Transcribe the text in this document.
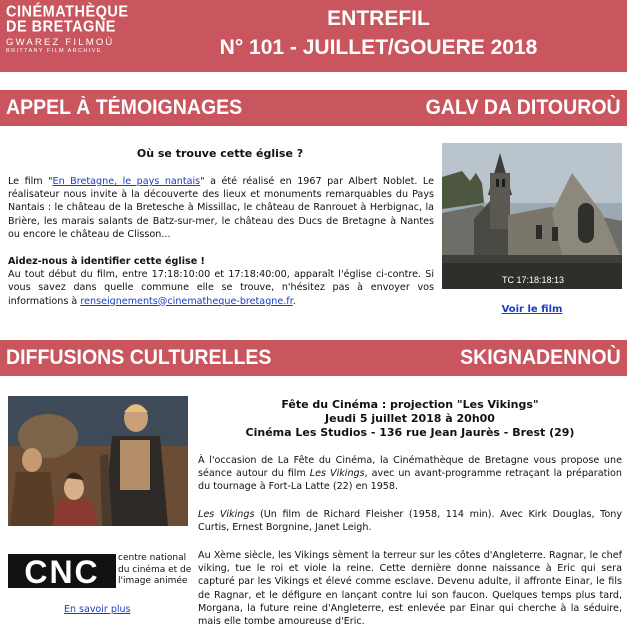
CINÉMATHÈQUE
DE BRETAGNE
GWAREZ FILMOÙ
BRITTANY FILM ARCHIVE
ENTREFIL
N° 101 - JUILLET/GOUERE 2018
APPEL À TÉMOIGNAGES	GALV DA DITOUROÙ
Où se trouve cette église ?
Le film "En Bretagne, le pays nantais" a été réalisé en 1967 par Albert Noblet. Le réalisateur nous invite à la découverte des lieux et monuments remarquables du Pays Nantais : le château de la Bretesche à Missillac, le château de Ranrouet à Herbignac, la Brière, les marais salants de Batz-sur-mer, le château des Ducs de Bretagne à Nantes ou encore le château de Clisson...
Aidez-nous à identifier cette église !
Au tout début du film, entre 17:18:10:00 et 17:18:40:00, apparaît l'église ci-contre. Si vous savez dans quelle commune elle se trouve, n'hésitez pas à envoyer vos informations à renseignements@cinematheque-bretagne.fr.
TC 17:18:18:13
Voir le film
DIFFUSIONS CULTURELLES	SKIGNADENNOÙ
Fête du Cinéma : projection "Les Vikings"
Jeudi 5 juillet 2018 à 20h00
Cinéma Les Studios - 136 rue Jean Jaurès - Brest (29)
À l'occasion de La Fête du Cinéma, la Cinémathèque de Bretagne vous propose une séance autour du film Les Vikings, avec un avant-programme retraçant la préparation du tournage à Fort-La Latte (22) en 1958.
Les Vikings (Un film de Richard Fleisher (1958, 114 min). Avec Kirk Douglas, Tony Curtis, Ernest Borgnine, Janet Leigh.
Au Xème siècle, les Vikings sèment la terreur sur les côtes d'Angleterre. Ragnar, le chef viking, tue le roi et viole la reine. Cette dernière donne naissance à Eric qui sera capturé par les Vikings et élevé comme esclave. Devenu adulte, il affronte Einar, le fils de Ragnar, et le défigure en lançant contre lui son faucon. Quelques temps plus tard, Morgana, la future reine d'Angleterre, est enlevée par Einar qui cherche à la séduire, mais elle tombe amoureuse d'Eric.
CNC centre national du cinéma et de l'image animée
En savoir plus
